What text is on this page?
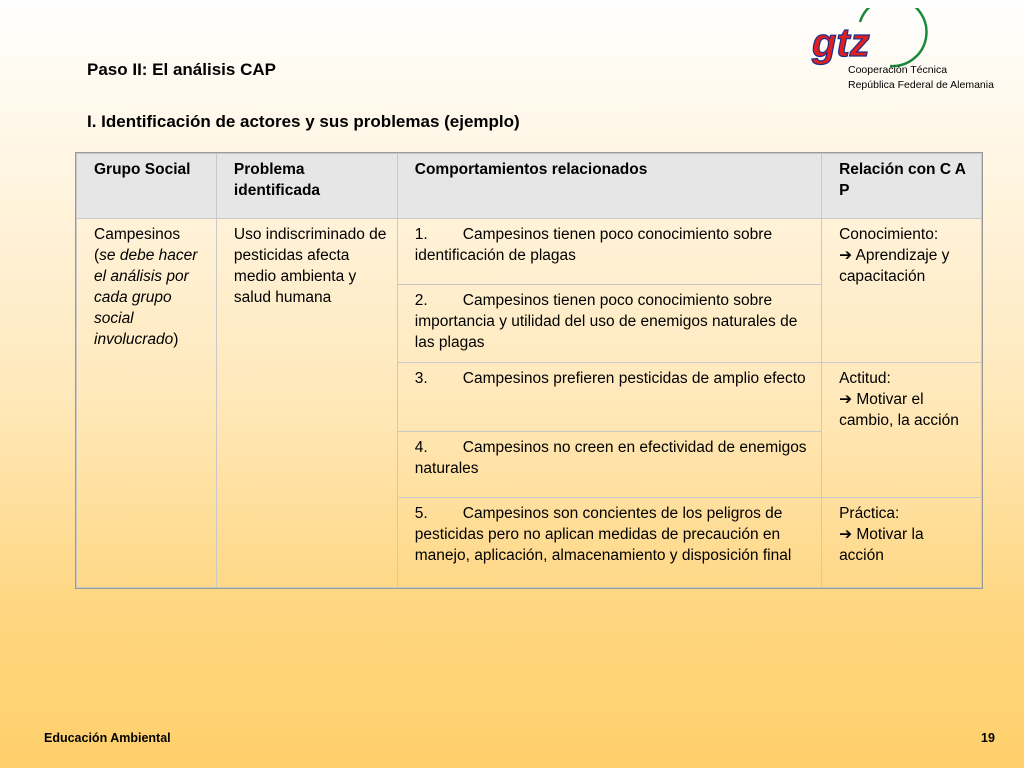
Paso II: El análisis CAP
I. Identificación de actores y sus problemas (ejemplo)
gtz
Cooperación Técnica
República Federal de Alemania
Grupo Social	Problema identificada	Comportamientos relacionados	Relación con C A P
Campesinos (se debe hacer el análisis por cada grupo social involucrado)	Uso indiscriminado de pesticidas afecta medio ambienta y salud humana	1. Campesinos tienen poco conocimiento sobre identificación de plagas	Conocimiento:
➔ Aprendizaje y capacitación

		2. Campesinos tienen poco conocimiento sobre importancia y utilidad del uso de enemigos naturales de las plagas	
		3. Campesinos prefieren pesticidas de amplio efecto	Actitud:
➔ Motivar el cambio, la acción

		4. Campesinos no creen en efectividad de enemigos naturales	
		5. Campesinos son concientes de los peligros de pesticidas pero no aplican medidas de precaución en manejo, aplicación, almacenamiento y disposición final	Práctica:
➔ Motivar la acción
Educación Ambiental	19
